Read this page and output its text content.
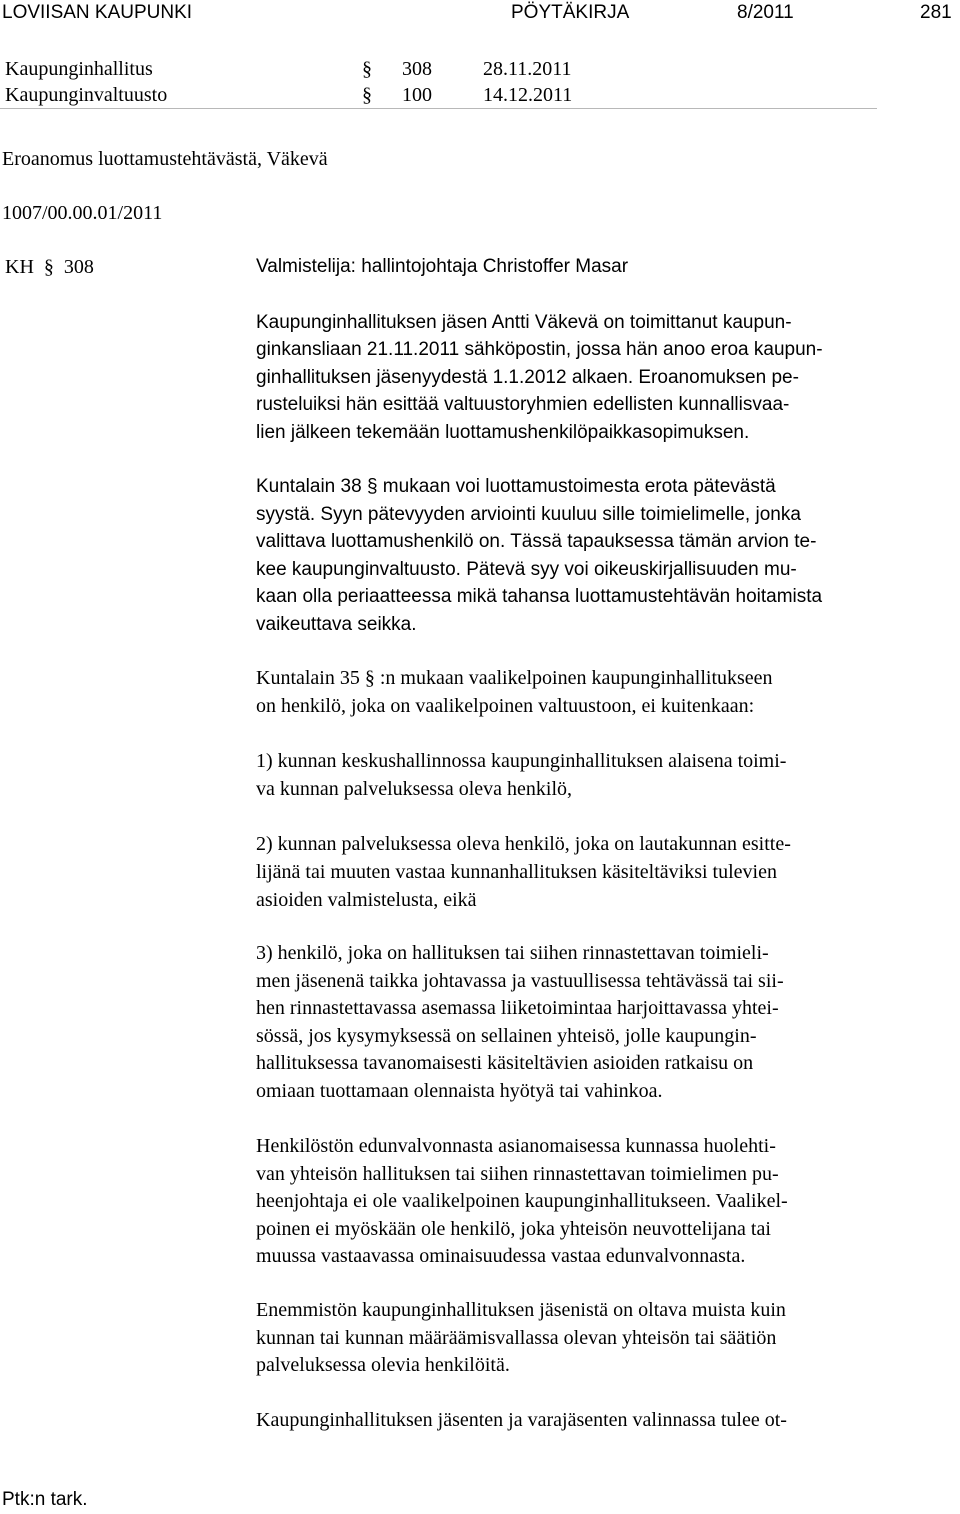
LOVIISAN KAUPUNKI	PÖYTÄKIRJA	8/2011	281
Kaupunginhallitus	§ 308	28.11.2011
Kaupunginvaltuusto	§ 100	14.12.2011
Eroanomus luottamustehtävästä, Väkevä
1007/00.00.01/2011
KH  §  308	Valmistelija: hallintojohtaja Christoffer Masar

Kaupunginhallituksen jäsen Antti Väkevä on toimittanut kaupun-

ginkansliaan 21.11.2011 sähköpostin, jossa hän anoo eroa kaupun-

ginhallituksen jäsenyydestä 1.1.2012 alkaen. Eroanomuksen pe-

rusteluiksi hän esittää valtuustoryhmien edellisten kunnallisvaa-

lien jälkeen tekemään luottamushenkilöpaikkasopimuksen.

Kuntalain 38 § mukaan voi luottamustoimesta erota pätevästä

syystä. Syyn pätevyyden arviointi kuuluu sille toimielimelle, jonka

valittava luottamushenkilö on. Tässä tapauksessa tämän arvion te-

kee kaupunginvaltuusto. Pätevä syy voi oikeuskirjallisuuden mu-

kaan olla periaatteessa mikä tahansa luottamustehtävän hoitamista

vaikeuttava seikka.

Kuntalain 35 § :n mukaan vaalikelpoinen kaupunginhallitukseen

on henkilö, joka on vaalikelpoinen valtuustoon, ei kuitenkaan:

1) kunnan keskushallinnossa kaupunginhallituksen alaisena toimi-

va kunnan palveluksessa oleva henkilö,

2) kunnan palveluksessa oleva henkilö, joka on lautakunnan esitte-

lijänä tai muuten vastaa kunnanhallituksen käsiteltäviksi tulevien

asioiden valmistelusta, eikä

3) henkilö, joka on hallituksen tai siihen rinnastettavan toimieli-

men jäsenenä taikka johtavassa ja vastuullisessa tehtävässä tai sii-

hen rinnastettavassa asemassa liiketoimintaa harjoittavassa yhtei-

sössä, jos kysymyksessä on sellainen yhteisö, jolle kaupungin-

hallituksessa tavanomaisesti käsiteltävien asioiden ratkaisu on

omiaan tuottamaan olennaista hyötyä tai vahinkoa.

Henkilöstön edunvalvonnasta asianomaisessa kunnassa huolehti-

van yhteisön hallituksen tai siihen rinnastettavan toimielimen pu-

heenjohtaja ei ole vaalikelpoinen kaupunginhallitukseen. Vaalikel-

poinen ei myöskään ole henkilö, joka yhteisön neuvottelijana tai

muussa vastaavassa ominaisuudessa vastaa edunvalvonnasta.

Enemmistön kaupunginhallituksen jäsenistä on oltava muista kuin

kunnan tai kunnan määräämisvallassa olevan yhteisön tai säätiön

palveluksessa olevia henkilöitä.

Kaupunginhallituksen jäsenten ja varajäsenten valinnassa tulee ot-

Ptk:n tark.
